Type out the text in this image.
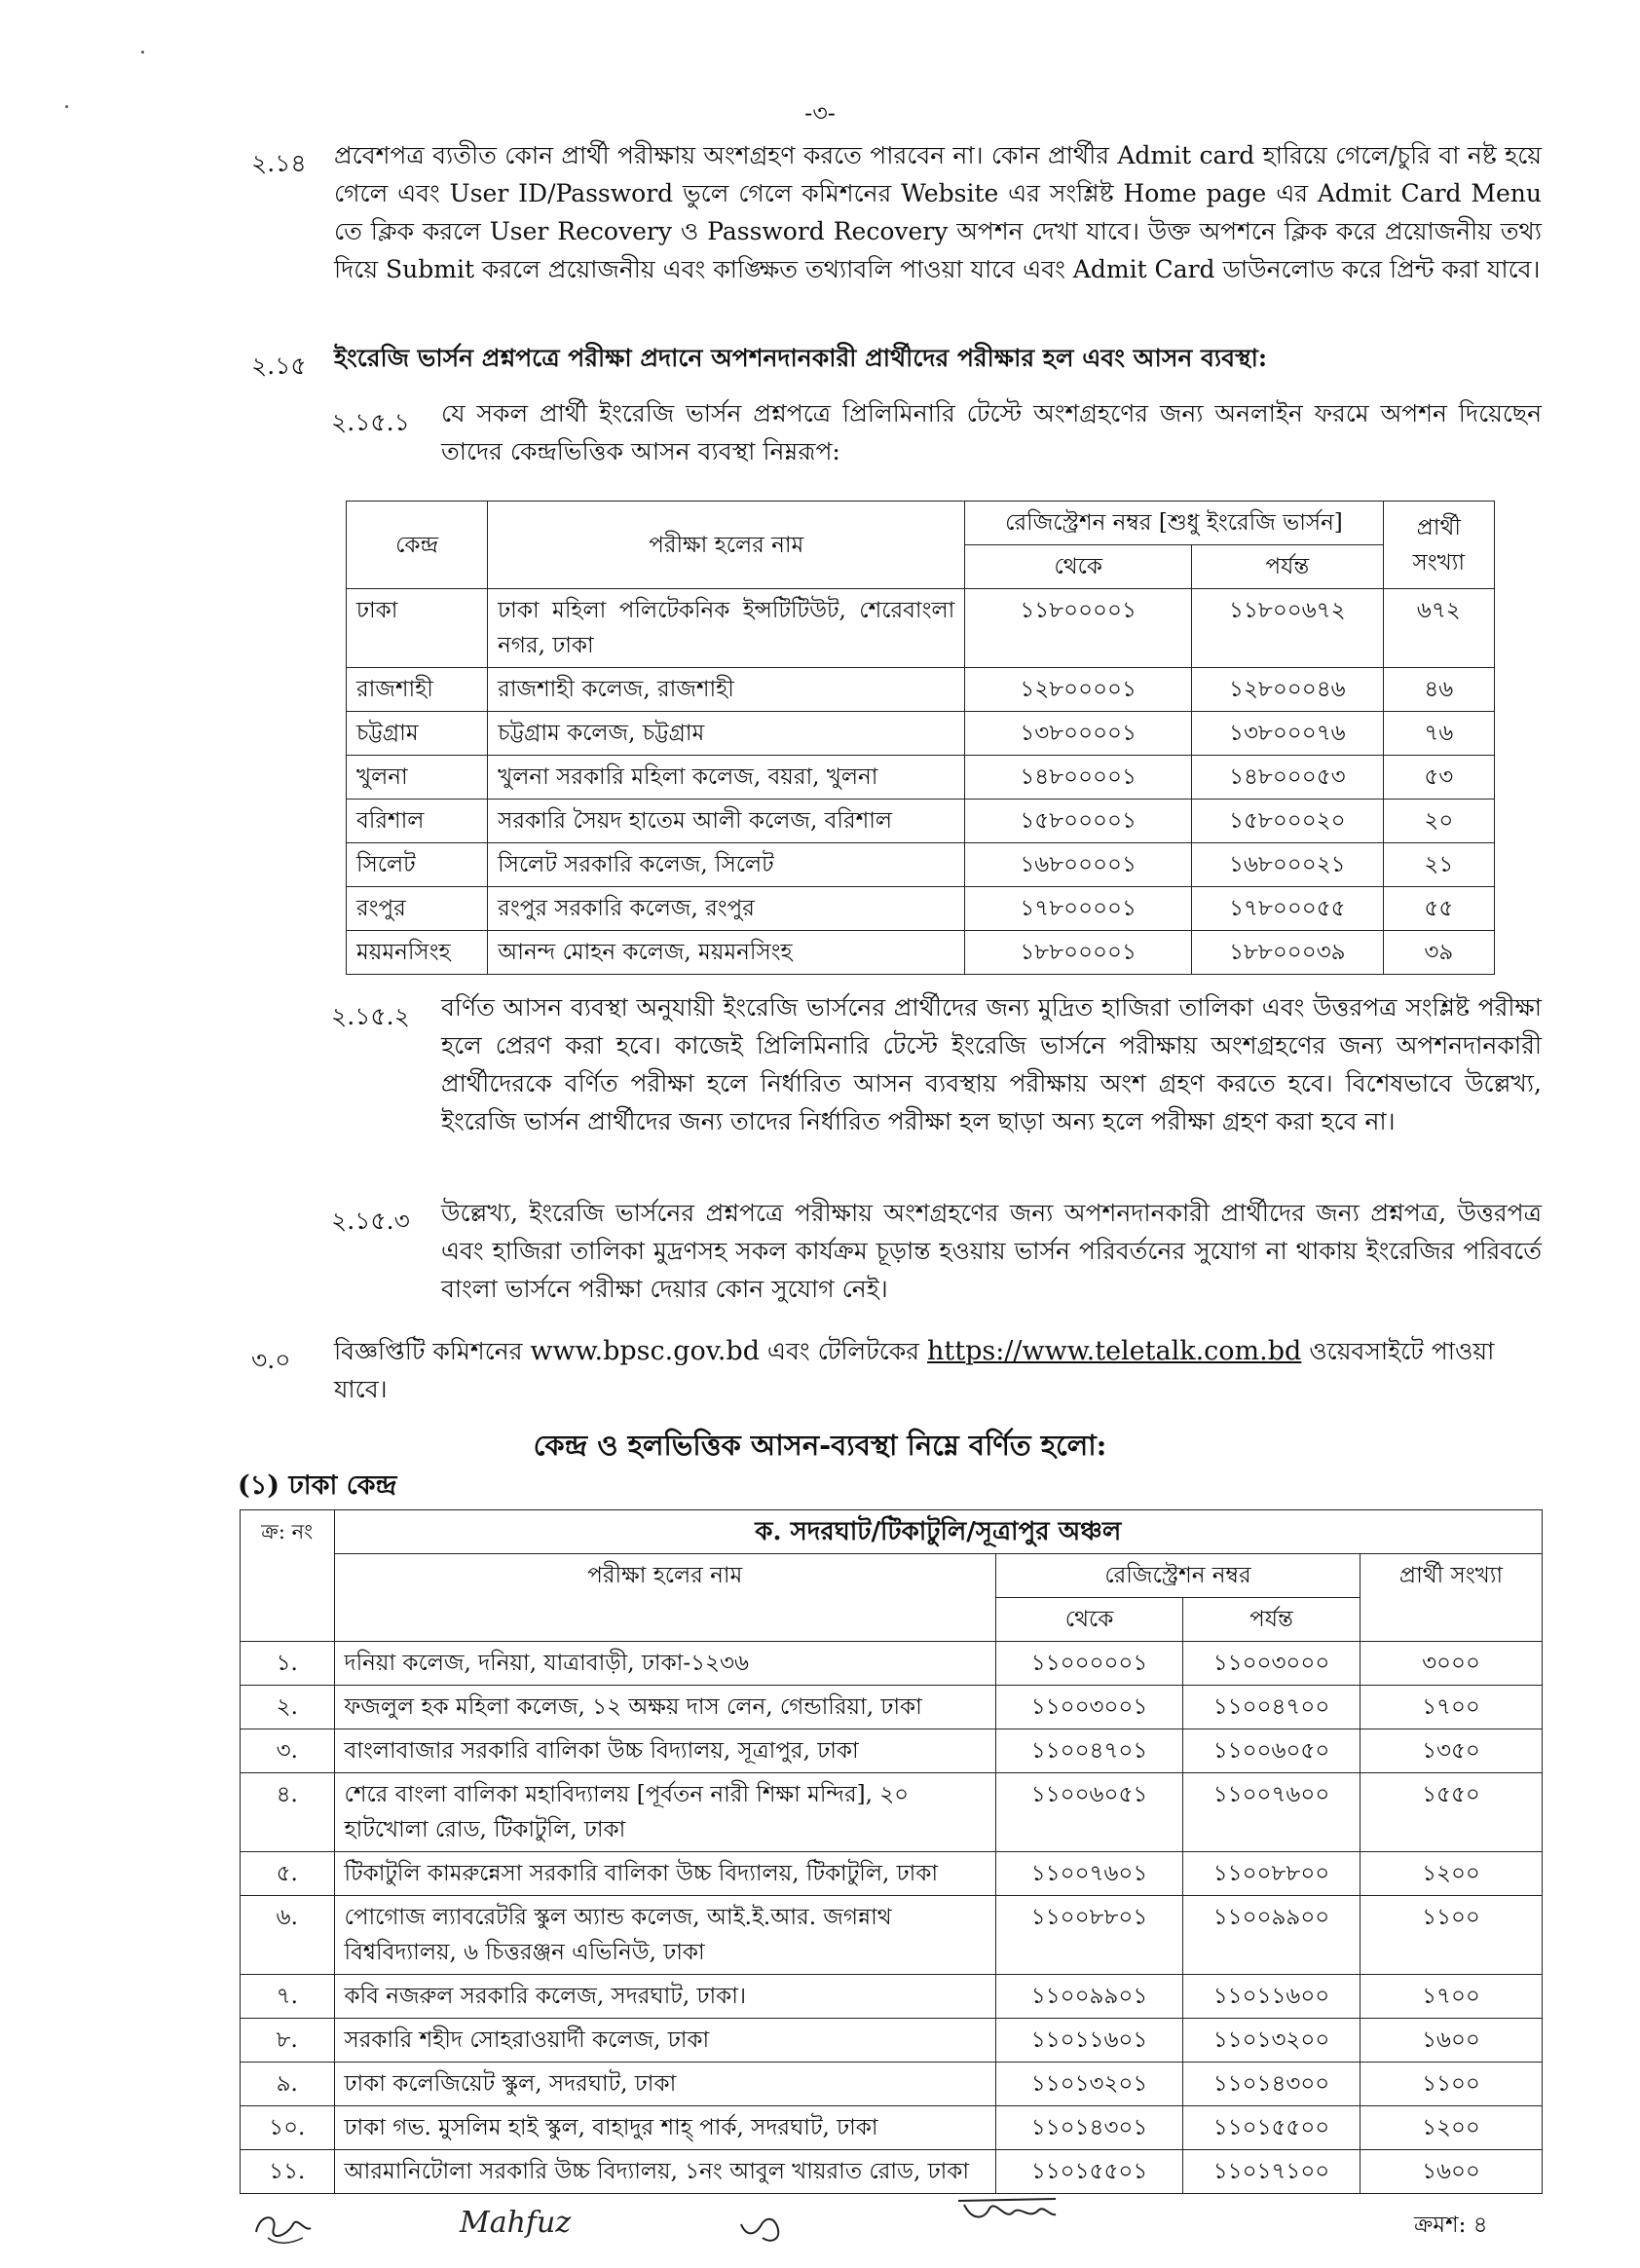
-৩-
২.১৪ প্রবেশপত্র ব্যতীত কোন প্রার্থী পরীক্ষায় অংশগ্রহণ করতে পারবেন না। কোন প্রার্থীর Admit card হারিয়ে গেলে/চুরি বা নষ্ট হয়ে গেলে এবং User ID/Password ভুলে গেলে কমিশনের Website এর সংশ্লিষ্ট Home page এর Admit Card Menu তে ক্লিক করলে User Recovery ও Password Recovery অপশন দেখা যাবে। উক্ত অপশনে ক্লিক করে প্রয়োজনীয় তথ্য দিয়ে Submit করলে প্রয়োজনীয় এবং কাঙ্ক্ষিত তথ্যাবলি পাওয়া যাবে এবং Admit Card ডাউনলোড করে প্রিন্ট করা যাবে।
২.১৫ ইংরেজি ভার্সন প্রশ্নপত্রে পরীক্ষা প্রদানে অপশনদানকারী প্রার্থীদের পরীক্ষার হল এবং আসন ব্যবস্থা:
২.১৫.১ যে সকল প্রার্থী ইংরেজি ভার্সন প্রশ্নপত্রে প্রিলিমিনারি টেস্টে অংশগ্রহণের জন্য অনলাইন ফরমে অপশন দিয়েছেন তাদের কেন্দ্রভিত্তিক আসন ব্যবস্থা নিম্নরূপ:
কেন্দ্র	পরীক্ষা হলের নাম	রেজিস্ট্রেশন নম্বর [শুধু ইংরেজি ভার্সন]		প্রার্থী সংখ্যা
		থেকে	পর্যন্ত	
ঢাকা	ঢাকা মহিলা পলিটেকনিক ইন্সটিটিউট, শেরেবাংলা নগর, ঢাকা	১১৮০০০০১	১১৮০০৬৭২	৬৭২
রাজশাহী	রাজশাহী কলেজ, রাজশাহী	১২৮০০০০১	১২৮০০০৪৬	৪৬
চট্টগ্রাম	চট্টগ্রাম কলেজ, চট্টগ্রাম	১৩৮০০০০১	১৩৮০০০৭৬	৭৬
খুলনা	খুলনা সরকারি মহিলা কলেজ, বয়রা, খুলনা	১৪৮০০০০১	১৪৮০০০৫৩	৫৩
বরিশাল	সরকারি সৈয়দ হাতেম আলী কলেজ, বরিশাল	১৫৮০০০০১	১৫৮০০০২০	২০
সিলেট	সিলেট সরকারি কলেজ, সিলেট	১৬৮০০০০১	১৬৮০০০২১	২১
রংপুর	রংপুর সরকারি কলেজ, রংপুর	১৭৮০০০০১	১৭৮০০০৫৫	৫৫
ময়মনসিংহ	আনন্দ মোহন কলেজ, ময়মনসিংহ	১৮৮০০০০১	১৮৮০০০৩৯	৩৯
২.১৫.২ বর্ণিত আসন ব্যবস্থা অনুযায়ী ইংরেজি ভার্সনের প্রার্থীদের জন্য মুদ্রিত হাজিরা তালিকা এবং উত্তরপত্র সংশ্লিষ্ট পরীক্ষা হলে প্রেরণ করা হবে। কাজেই প্রিলিমিনারি টেস্টে ইংরেজি ভার্সনে পরীক্ষায় অংশগ্রহণের জন্য অপশনদানকারী প্রার্থীদেরকে বর্ণিত পরীক্ষা হলে নির্ধারিত আসন ব্যবস্থায় পরীক্ষায় অংশ গ্রহণ করতে হবে। বিশেষভাবে উল্লেখ্য, ইংরেজি ভার্সন প্রার্থীদের জন্য তাদের নির্ধারিত পরীক্ষা হল ছাড়া অন্য হলে পরীক্ষা গ্রহণ করা হবে না।
২.১৫.৩ উল্লেখ্য, ইংরেজি ভার্সনের প্রশ্নপত্রে পরীক্ষায় অংশগ্রহণের জন্য অপশনদানকারী প্রার্থীদের জন্য প্রশ্নপত্র, উত্তরপত্র এবং হাজিরা তালিকা মুদ্রণসহ সকল কার্যক্রম চূড়ান্ত হওয়ায় ভার্সন পরিবর্তনের সুযোগ না থাকায় ইংরেজির পরিবর্তে বাংলা ভার্সনে পরীক্ষা দেয়ার কোন সুযোগ নেই।
৩.০ বিজ্ঞপ্তিটি কমিশনের www.bpsc.gov.bd এবং টেলিটকের https://www.teletalk.com.bd ওয়েবসাইটে পাওয়া যাবে।
কেন্দ্র ও হলভিত্তিক আসন-ব্যবস্থা নিম্নে বর্ণিত হলো:
(১) ঢাকা কেন্দ্র
ক্র: নং	ক. সদরঘাট/টিকাটুলি/সূত্রাপুর অঞ্চল			
	পরীক্ষা হলের নাম	রেজিস্ট্রেশন নম্বর		প্রার্থী সংখ্যা
		থেকে	পর্যন্ত	
১.	দনিয়া কলেজ, দনিয়া, যাত্রাবাড়ী, ঢাকা-১২৩৬	১১০০০০০১	১১০০৩০০০	৩০০০
২.	ফজলুল হক মহিলা কলেজ, ১২ অক্ষয় দাস লেন, গেন্ডারিয়া, ঢাকা	১১০০৩০০১	১১০০৪৭০০	১৭০০
৩.	বাংলাবাজার সরকারি বালিকা উচ্চ বিদ্যালয়, সূত্রাপুর, ঢাকা	১১০০৪৭০১	১১০০৬০৫০	১৩৫০
৪.	শেরে বাংলা বালিকা মহাবিদ্যালয় [পূর্বতন নারী শিক্ষা মন্দির], ২০ হাটখোলা রোড, টিকাটুলি, ঢাকা	১১০০৬০৫১	১১০০৭৬০০	১৫৫০
৫.	টিকাটুলি কামরুন্নেসা সরকারি বালিকা উচ্চ বিদ্যালয়, টিকাটুলি, ঢাকা	১১০০৭৬০১	১১০০৮৮০০	১২০০
৬.	পোগোজ ল্যাবরেটরি স্কুল অ্যান্ড কলেজ, আই.ই.আর. জগন্নাথ বিশ্ববিদ্যালয়, ৬ চিত্তরঞ্জন এভিনিউ, ঢাকা	১১০০৮৮০১	১১০০৯৯০০	১১০০
৭.	কবি নজরুল সরকারি কলেজ, সদরঘাট, ঢাকা।	১১০০৯৯০১	১১০১১৬০০	১৭০০
৮.	সরকারি শহীদ সোহরাওয়ার্দী কলেজ, ঢাকা	১১০১১৬০১	১১০১৩২০০	১৬০০
৯.	ঢাকা কলেজিয়েট স্কুল, সদরঘাট, ঢাকা	১১০১৩২০১	১১০১৪৩০০	১১০০
১০.	ঢাকা গভ. মুসলিম হাই স্কুল, বাহাদুর শাহ্ পার্ক, সদরঘাট, ঢাকা	১১০১৪৩০১	১১০১৫৫০০	১২০০
১১.	আরমানিটোলা সরকারি উচ্চ বিদ্যালয়, ১নং আবুল খায়রাত রোড, ঢাকা	১১০১৫৫০১	১১০১৭১০০	১৬০০
Mahfuz	ক্রমশ: ৪
